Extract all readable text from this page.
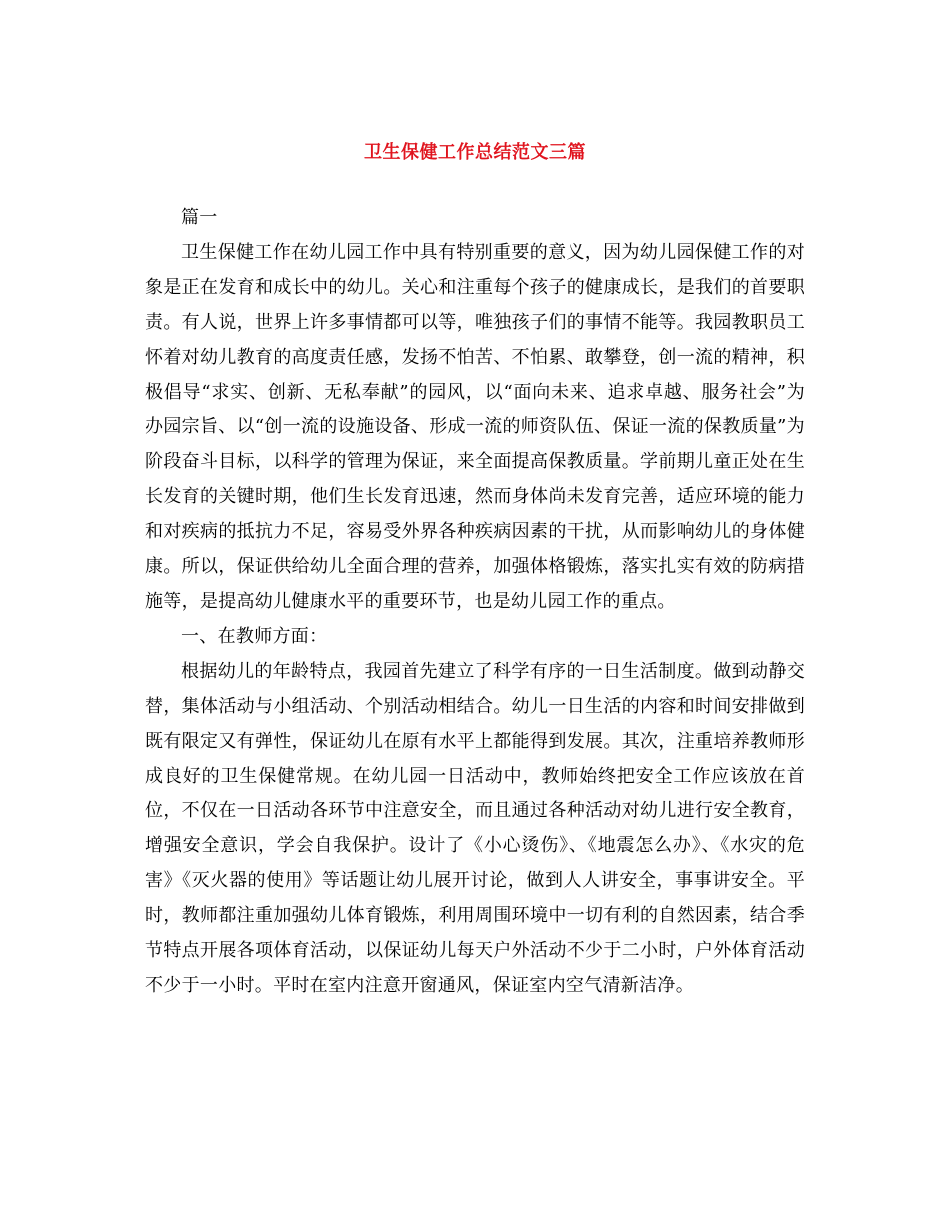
卫生保健工作总结范文三篇

篇一

卫生保健工作在幼儿园工作中具有特别重要的意义，因为幼儿园保健工作的对象是正在发育和成长中的幼儿。关心和注重每个孩子的健康成长，是我们的首要职责。有人说，世界上许多事情都可以等，唯独孩子们的事情不能等。我园教职员工怀着对幼儿教育的高度责任感，发扬不怕苦、不怕累、敢攀登，创一流的精神，积极倡导“求实、创新、无私奉献”的园风，以“面向未来、追求卓越、服务社会”为办园宗旨、以“创一流的设施设备、形成一流的师资队伍、保证一流的保教质量”为阶段奋斗目标，以科学的管理为保证，来全面提高保教质量。学前期儿童正处在生长发育的关键时期，他们生长发育迅速，然而身体尚未发育完善，适应环境的能力和对疾病的抵抗力不足，容易受外界各种疾病因素的干扰，从而影响幼儿的身体健康。所以，保证供给幼儿全面合理的营养，加强体格锻炼，落实扎实有效的防病措施等，是提高幼儿健康水平的重要环节，也是幼儿园工作的重点。

一、在教师方面：

根据幼儿的年龄特点，我园首先建立了科学有序的一日生活制度。做到动静交替，集体活动与小组活动、个别活动相结合。幼儿一日生活的内容和时间安排做到既有限定又有弹性，保证幼儿在原有水平上都能得到发展。其次，注重培养教师形成良好的卫生保健常规。在幼儿园一日活动中，教师始终把安全工作应该放在首位，不仅在一日活动各环节中注意安全，而且通过各种活动对幼儿进行安全教育，增强安全意识，学会自我保护。设计了《小心烫伤》、《地震怎么办》、《水灾的危害》《灭火器的使用》等话题让幼儿展开讨论，做到人人讲安全，事事讲安全。平时，教师都注重加强幼儿体育锻炼，利用周围环境中一切有利的自然因素，结合季节特点开展各项体育活动，以保证幼儿每天户外活动不少于二小时，户外体育活动不少于一小时。平时在室内注意开窗通风，保证室内空气清新洁净。
